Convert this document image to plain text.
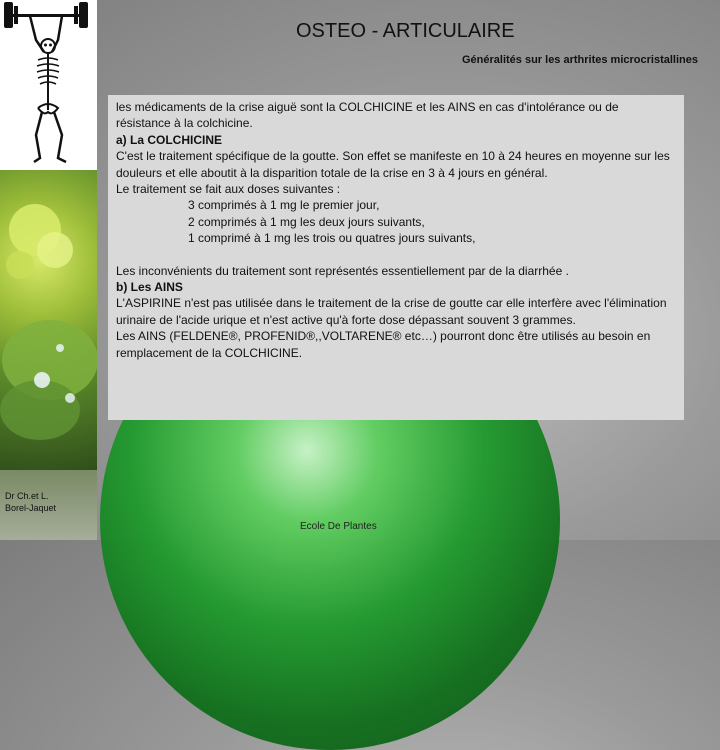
OSTEO - ARTICULAIRE
Généralités sur les arthrites microcristallines

les médicaments de la crise aiguë sont la COLCHICINE et les AINS en cas d'intolérance ou de résistance à la colchicine.

a) La COLCHICINE

C'est le traitement spécifique de la goutte. Son effet se manifeste en 10 à 24 heures en moyenne sur les douleurs et elle aboutit à la disparition totale de la crise en 3 à 4 jours en général.

Le traitement se fait aux doses suivantes :

3 comprimés à 1 mg le premier jour,

2 comprimés à 1 mg les deux jours suivants,

1 comprimé à 1 mg les trois ou quatres jours suivants,

Les inconvénients du traitement sont représentés essentiellement par de la diarrhée .

b) Les AINS

L'ASPIRINE n'est pas utilisée dans le traitement de la crise de goutte car elle interfère avec l'élimination urinaire de l'acide urique et n'est active qu'à forte dose dépassant souvent 3 grammes.

Les AINS (FELDENE®, PROFENID®,,VOLTARENE® etc…) pourront donc être utilisés au besoin en remplacement de la COLCHICINE.

Dr Ch.et L.
Borel-Jaquet
Ecole De Plantes
